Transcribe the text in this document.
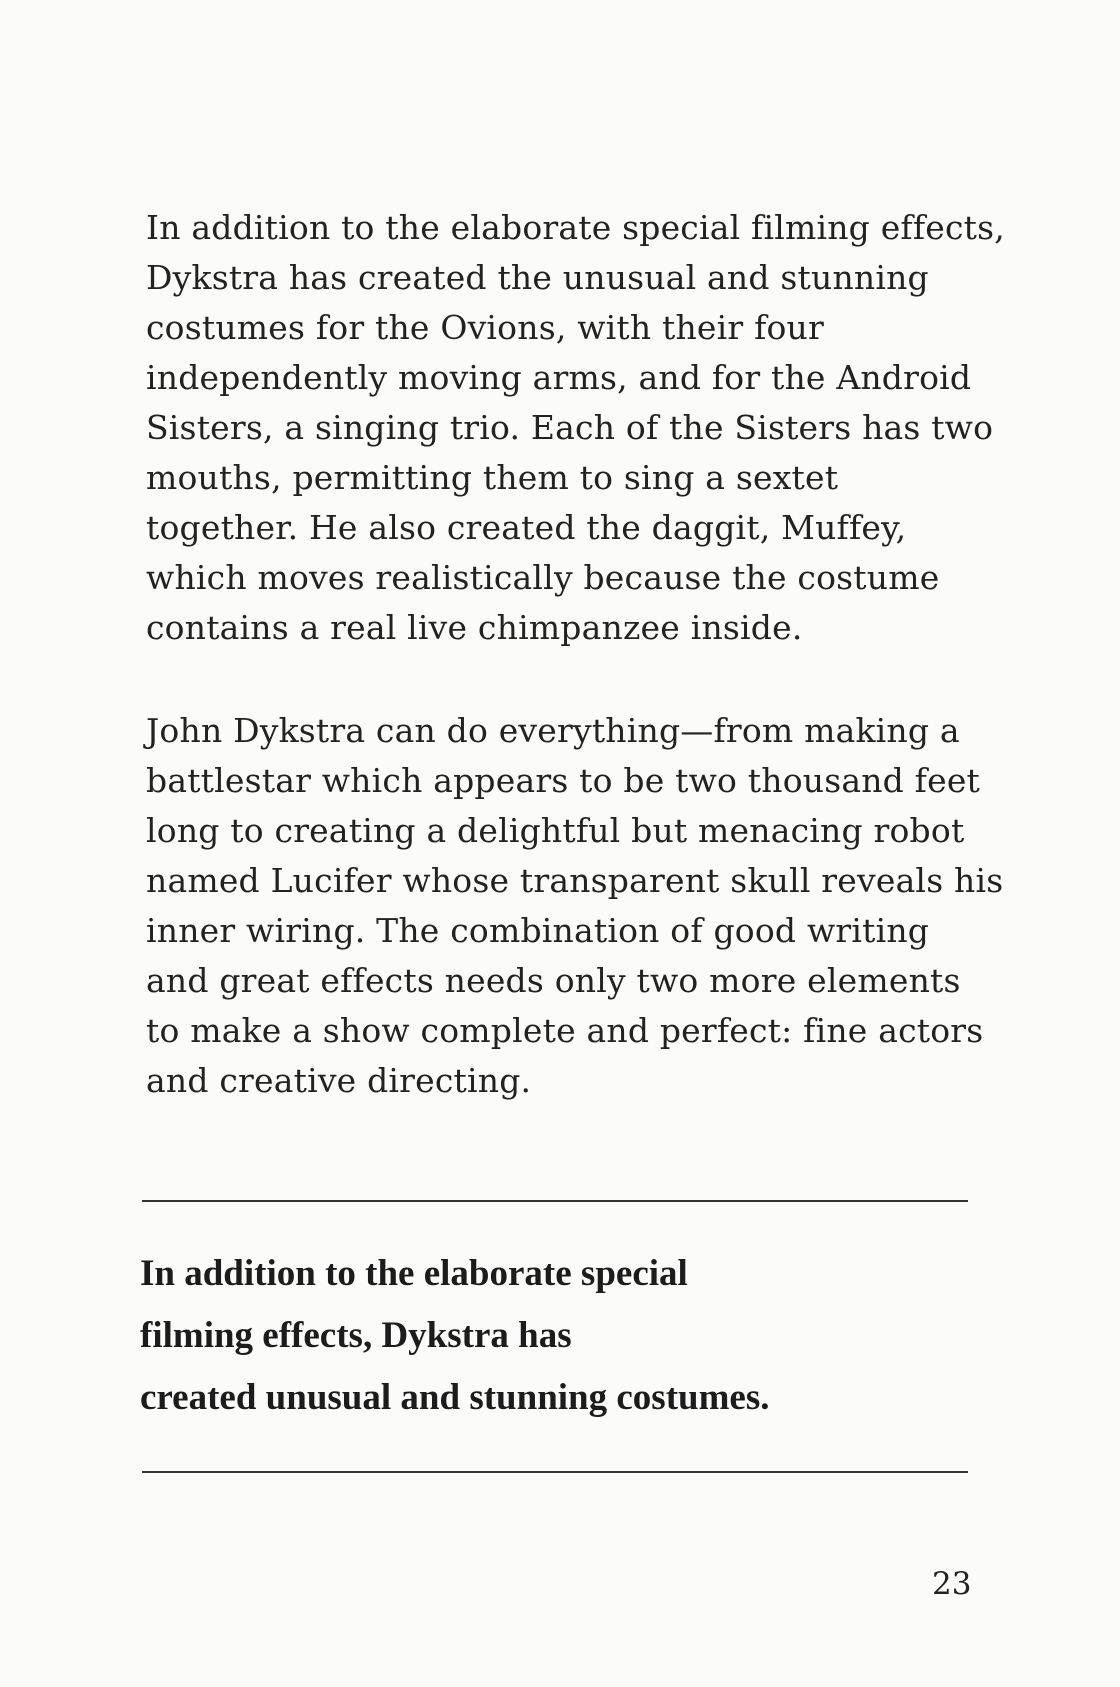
In addition to the elaborate special filming effects,
Dykstra has created the unusual and stunning
costumes for the Ovions, with their four
independently moving arms, and for the Android
Sisters, a singing trio. Each of the Sisters has two
mouths, permitting them to sing a sextet
together. He also created the daggit, Muffey,
which moves realistically because the costume
contains a real live chimpanzee inside.
John Dykstra can do everything—from making a
battlestar which appears to be two thousand feet
long to creating a delightful but menacing robot
named Lucifer whose transparent skull reveals his
inner wiring. The combination of good writing
and great effects needs only two more elements
to make a show complete and perfect: fine actors
and creative directing.
In addition to the elaborate special
filming effects, Dykstra has
created unusual and stunning costumes.
23
